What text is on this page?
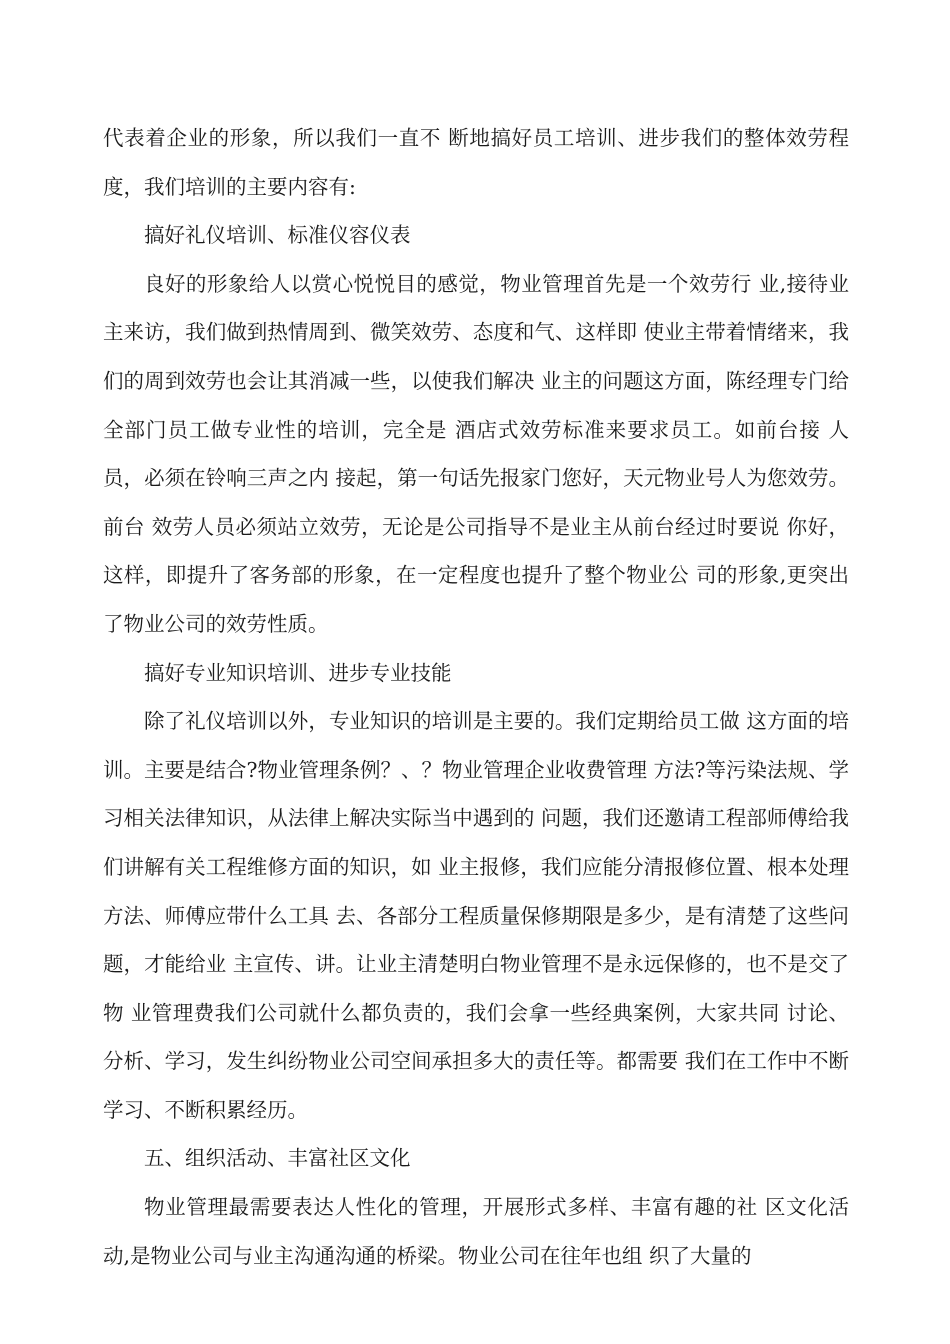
代表着企业的形象，所以我们一直不 断地搞好员工培训、进步我们的整体效劳程度，我们培训的主要内容有:

搞好礼仪培训、标准仪容仪表

良好的形象给人以赏心悦悦目的感觉，物业管理首先是一个效劳行 业,接待业主来访，我们做到热情周到、微笑效劳、态度和气、这样即 使业主带着情绪来，我们的周到效劳也会让其消减一些，以使我们解决 业主的问题这方面，陈经理专门给全部门员工做专业性的培训，完全是 酒店式效劳标准来要求员工。如前台接 人员，必须在铃响三声之内 接起，第一句话先报家门您好，天元物业号人为您效劳。前台 效劳人员必须站立效劳，无论是公司指导不是业主从前台经过时要说 你好，这样，即提升了客务部的形象，在一定程度也提升了整个物业公 司的形象,更突出了物业公司的效劳性质。

搞好专业知识培训、进步专业技能

除了礼仪培训以外，专业知识的培训是主要的。我们定期给员工做 这方面的培训。主要是结合?物业管理条例？、？物业管理企业收费管理 方法?等污染法规、学习相关法律知识，从法律上解决实际当中遇到的 问题，我们还邀请工程部师傅给我们讲解有关工程维修方面的知识，如 业主报修，我们应能分清报修位置、根本处理方法、师傅应带什么工具 去、各部分工程质量保修期限是多少，是有清楚了这些问题，才能给业 主宣传、讲。让业主清楚明白物业管理不是永远保修的，也不是交了物 业管理费我们公司就什么都负责的，我们会拿一些经典案例，大家共同 讨论、分析、学习，发生纠纷物业公司空间承担多大的责任等。都需要 我们在工作中不断学习、不断积累经历。

五、组织活动、丰富社区文化

物业管理最需要表达人性化的管理，开展形式多样、丰富有趣的社 区文化活动,是物业公司与业主沟通沟通的桥梁。物业公司在往年也组 织了大量的
